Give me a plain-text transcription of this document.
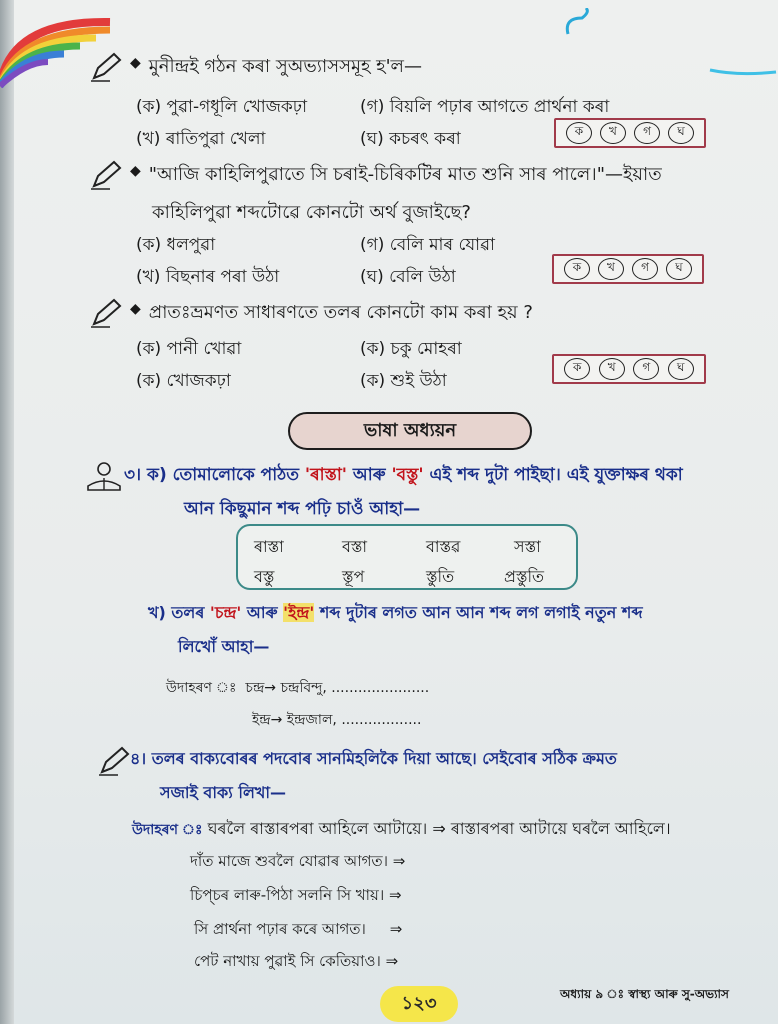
◆ মুনীন্দ্ৰই গঠন কৰা সুঅভ্যাসসমূহ হ'ল—
(ক) পুৱা-গধূলি খোজকঢ়া	(গ) বিয়লি পঢ়াৰ আগতে প্ৰাৰ্থনা কৰা
(খ) ৰাতিপুৱা খেলা	(ঘ) কচৰৎ কৰা	ক	খ	গ	ঘ
◆ "আজি কাহিলিপুৱাতে সি চৰাই-চিৰিকটিৰ মাত শুনি সাৰ পালে।"—ইয়াত
কাহিলিপুৱা শব্দটোৱে কোনটো অৰ্থ বুজাইছে?
(ক) ধলপুৱা	(গ) বেলি মাৰ যোৱা
(খ) বিছনাৰ পৰা উঠা	(ঘ) বেলি উঠা	ক	খ	গ	ঘ
◆ প্ৰাতঃভ্ৰমণত সাধাৰণতে তলৰ কোনটো কাম কৰা হয় ?
(ক) পানী খোৱা	(ক) চকু মোহৰা
(ক) খোজকঢ়া	(ক) শুই উঠা
ক	খ	গ	ঘ
ভাষা অধ্যয়ন
৩। ক) তোমালোকে পাঠত 'ৰাস্তা' আৰু 'বস্তু' এই শব্দ দুটা পাইছা। এই যুক্তাক্ষৰ থকা
আন কিছুমান শব্দ পঢ়ি চাওঁ আহা—
ৰাস্তা	বস্তা	বাস্তৱ	সস্তা
বস্তু	স্তূপ	স্তুতি	প্ৰস্তুতি
খ) তলৰ 'চন্দ্ৰ' আৰু 'ইন্দ্ৰ' শব্দ দুটাৰ লগত আন আন শব্দ লগ লগাই নতুন শব্দ
লিখোঁ আহা—
উদাহৰণ ঃ চন্দ্ৰ→ চন্দ্ৰবিন্দু, ......................
ইন্দ্ৰ→ ইন্দ্ৰজাল, ..................
৪। তলৰ বাক্যবোৰৰ পদবোৰ সানমিহলিকৈ দিয়া আছে। সেইবোৰ সঠিক ক্ৰমত
সজাই বাক্য লিখা—
উদাহৰণ ঃ ঘৰলৈ ৰাস্তাৰপৰা আহিলে আটায়ে। ⇒ ৰাস্তাৰপৰা আটায়ে ঘৰলৈ আহিলে।
দাঁত মাজে শুবলৈ যোৱাৰ আগত। ⇒
চিপ্‌চৰ লাৰু-পিঠা সলনি সি খায়। ⇒
সি প্ৰাৰ্থনা পঢ়াৰ কৰে আগত।     ⇒
পেট নাখায় পুৱাই সি কেতিয়াও। ⇒
১২৩	অধ্যায় ৯ ঃ স্বাস্থ্য আৰু সু-অভ্যাস
